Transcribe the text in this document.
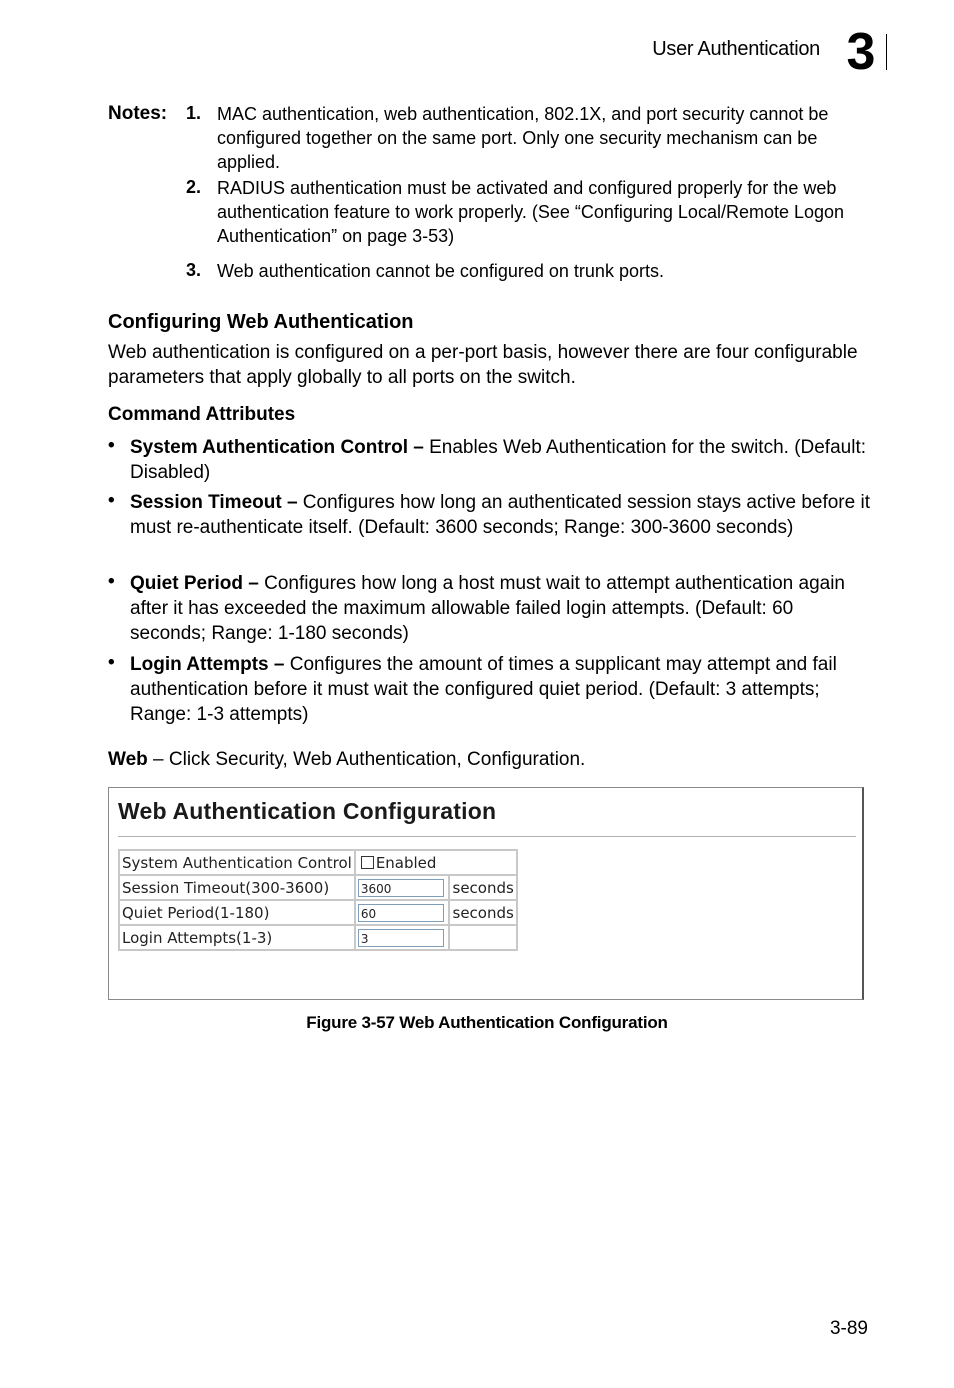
User Authentication 3
Notes: 1. MAC authentication, web authentication, 802.1X, and port security cannot be configured together on the same port. Only one security mechanism can be applied.
2. RADIUS authentication must be activated and configured properly for the web authentication feature to work properly. (See “Configuring Local/Remote Logon Authentication” on page 3-53)
3. Web authentication cannot be configured on trunk ports.
Configuring Web Authentication
Web authentication is configured on a per-port basis, however there are four configurable parameters that apply globally to all ports on the switch.
Command Attributes
• System Authentication Control – Enables Web Authentication for the switch. (Default: Disabled)
• Session Timeout – Configures how long an authenticated session stays active before it must re-authenticate itself. (Default: 3600 seconds; Range: 300-3600 seconds)
• Quiet Period – Configures how long a host must wait to attempt authentication again after it has exceeded the maximum allowable failed login attempts. (Default: 60 seconds; Range: 1-180 seconds)
• Login Attempts – Configures the amount of times a supplicant may attempt and fail authentication before it must wait the configured quiet period. (Default: 3 attempts; Range: 1-3 attempts)
Web – Click Security, Web Authentication, Configuration.
Web Authentication Configuration
System Authentication Control	Enabled	
Session Timeout(300-3600)	3600	seconds
Quiet Period(1-180)	60	seconds
Login Attempts(1-3)	3	
Figure 3-57 Web Authentication Configuration
3-89
